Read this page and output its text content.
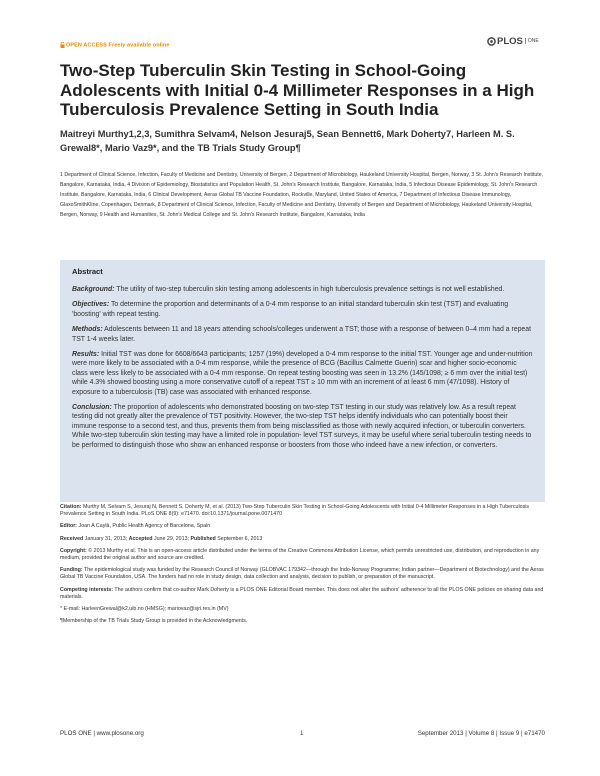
OPEN ACCESS Freely available online	PLOS ONE
Two-Step Tuberculin Skin Testing in School-Going Adolescents with Initial 0-4 Millimeter Responses in a High Tuberculosis Prevalence Setting in South India
Maitreyi Murthy1,2,3, Sumithra Selvam4, Nelson Jesuraj5, Sean Bennett6, Mark Doherty7, Harleen M. S.
Grewal8*, Mario Vaz9*, and the TB Trials Study Group¶
1 Department of Clinical Science, Infection, Faculty of Medicine and Dentistry, University of Bergen, 2 Department of Microbiology, Haukeland University Hospital, Bergen, Norway, 3 St. John's Research Institute, Bangalore, Karnataka, India, 4 Division of Epidemiology, Biostatistics and Population Health, St. John's Research Institute, Bangalore, Karnataka, India, 5 Infectious Disease Epidemiology, St. John's Research Institute, Bangalore, Karnataka, India, 6 Clinical Development, Aeras Global TB Vaccine Foundation, Rockville, Maryland, United States of America, 7 Department of Infectious Disease Immunology, GlaxoSmithKline, Copenhagen, Denmark, 8 Department of Clinical Science, Infection, Faculty of Medicine and Dentistry, University of Bergen and Department of Microbiology, Haukeland University Hospital, Bergen, Norway, 9 Health and Humanities, St. John's Medical College and St. John's Research Institute, Bangalore, Karnataka, India
Abstract

Background: The utility of two-step tuberculin skin testing among adolescents in high tuberculosis prevalence settings is not well established.

Objectives: To determine the proportion and determinants of a 0-4 mm response to an initial standard tuberculin skin test (TST) and evaluating 'boosting' with repeat testing.

Methods: Adolescents between 11 and 18 years attending schools/colleges underwent a TST; those with a response of between 0–4 mm had a repeat TST 1-4 weeks later.

Results: Initial TST was done for 6608/6643 participants; 1257 (19%) developed a 0-4 mm response to the initial TST. Younger age and under-nutrition were more likely to be associated with a 0-4 mm response, while the presence of BCG (Bacillus Calmette Guerin) scar and higher socio-economic class were less likely to be associated with a 0-4 mm response. On repeat testing boosting was seen in 13.2% (145/1098; ≥ 6 mm over the initial test) while 4.3% showed boosting using a more conservative cutoff of a repeat TST ≥ 10 mm with an increment of at least 6 mm (47/1098). History of exposure to a tuberculosis (TB) case was associated with enhanced response.

Conclusion: The proportion of adolescents who demonstrated boosting on two-step TST testing in our study was relatively low. As a result repeat testing did not greatly alter the prevalence of TST positivity. However, the two-step TST helps identify individuals who can potentially boost their immune response to a second test, and thus, prevents them from being misclassified as those with newly acquired infection, or tuberculin converters. While two-step tuberculin skin testing may have a limited role in population- level TST surveys, it may be useful where serial tuberculin testing needs to be performed to distinguish those who show an enhanced response or boosters from those who indeed have a new infection, or converters.

Citation: Murthy M, Selvam S, Jesuraj N, Bennett S, Doherty M, et al. (2013) Two-Step Tuberculin Skin Testing in School-Going Adolescents with Initial 0-4 Millimeter Responses in a High Tuberculosis Prevalence Setting in South India. PLoS ONE 8(9): e71470. doi:10.1371/journal.pone.0071470

Editor: Joan A Caylà, Public Health Agency of Barcelona, Spain

Received January 31, 2013; Accepted June 29, 2013; Published September 6, 2013

Copyright: © 2013 Murthy et al. This is an open-access article distributed under the terms of the Creative Commons Attribution License, which permits unrestricted use, distribution, and reproduction in any medium, provided the original author and source are credited.

Funding: The epidemiological study was funded by the Research Council of Norway (GLOBVAC 179342—through the Indo-Norway Programme; Indian partner—Department of Biotechnology) and the Aeras Global TB Vaccine Foundation, USA. The funders had no role in study design, data collection and analysis, decision to publish, or preparation of the manuscript.

Competing interests: The authors confirm that co-author Mark Doherty is a PLOS ONE Editorial Board member. This does not alter the authors' adherence to all the PLOS ONE policies on sharing data and materials.

* E-mail: HarleenGrewal@k2.uib.no (HMSG); mariovaz@sjri.res.in (MV)

¶Membership of the TB Trials Study Group is provided in the Acknowledgments.

PLOS ONE | www.plosone.org	1	September 2013 | Volume 8 | Issue 9 | e71470
